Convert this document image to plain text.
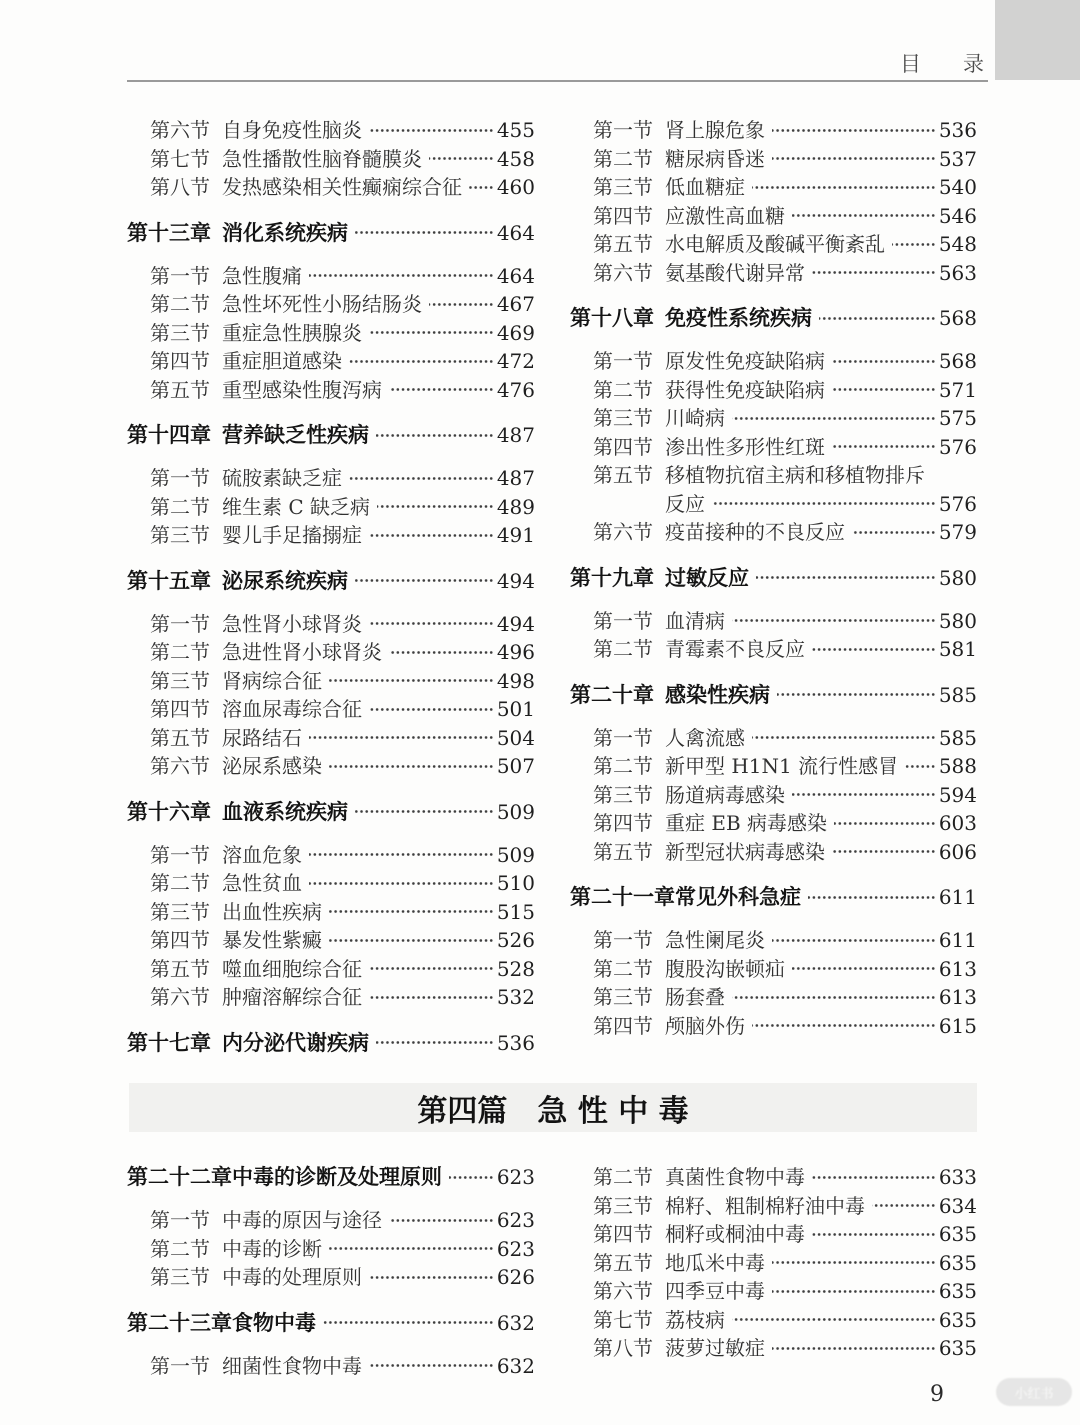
目　　录
第六节 自身免疫性脑炎	455
第七节 急性播散性脑脊髓膜炎	458
第八节 发热感染相关性癫痫综合征 460
第十三章 消化系统疾病	464
第一节 急性腹痛	464
第二节 急性坏死性小肠结肠炎	467
第三节 重症急性胰腺炎	469
第四节 重症胆道感染	472
第五节 重型感染性腹泻病	476
第十四章 营养缺乏性疾病	487
第一节 硫胺素缺乏症	487
第二节 维生素 C 缺乏病	489
第三节 婴儿手足搐搦症	491
第十五章 泌尿系统疾病	494
第一节 急性肾小球肾炎	494
第二节 急进性肾小球肾炎	496
第三节 肾病综合征	498
第四节 溶血尿毒综合征	501
第五节 尿路结石	504
第六节 泌尿系感染	507
第十六章 血液系统疾病	509
第一节 溶血危象	509
第二节 急性贫血	510
第三节 出血性疾病	515
第四节 暴发性紫癜	526
第五节 噬血细胞综合征	528
第六节 肿瘤溶解综合征	532
第十七章 内分泌代谢疾病	536
第一节 肾上腺危象	536
第二节 糖尿病昏迷	537
第三节 低血糖症	540
第四节 应激性高血糖	546
第五节 水电解质及酸碱平衡紊乱	548
第六节 氨基酸代谢异常	563
第十八章 免疫性系统疾病	568
第一节 原发性免疫缺陷病	568
第二节 获得性免疫缺陷病	571
第三节 川崎病	575
第四节 渗出性多形性红斑	576
第五节 移植物抗宿主病和移植物排斥
反应	576
第六节 疫苗接种的不良反应	579
第十九章 过敏反应	580
第一节 血清病	580
第二节 青霉素不良反应	581
第二十章 感染性疾病	585
第一节 人禽流感	585
第二节 新甲型 H1N1 流行性感冒 588
第三节 肠道病毒感染	594
第四节 重症 EB 病毒感染	603
第五节 新型冠状病毒感染	606
第二十一章 常见外科急症	611
第一节 急性阑尾炎	611
第二节 腹股沟嵌顿疝	613
第三节 肠套叠	613
第四节 颅脑外伤	615
第四篇　急 性 中 毒
第二十二章 中毒的诊断及处理原则	623
第一节 中毒的原因与途径	623
第二节 中毒的诊断	623
第三节 中毒的处理原则	626
第二十三章 食物中毒	632
第一节 细菌性食物中毒	632
第二节 真菌性食物中毒	633
第三节 棉籽、粗制棉籽油中毒	634
第四节 桐籽或桐油中毒	635
第五节 地瓜米中毒	635
第六节 四季豆中毒	635
第七节 荔枝病	635
第八节 菠萝过敏症	635
9	小红书
